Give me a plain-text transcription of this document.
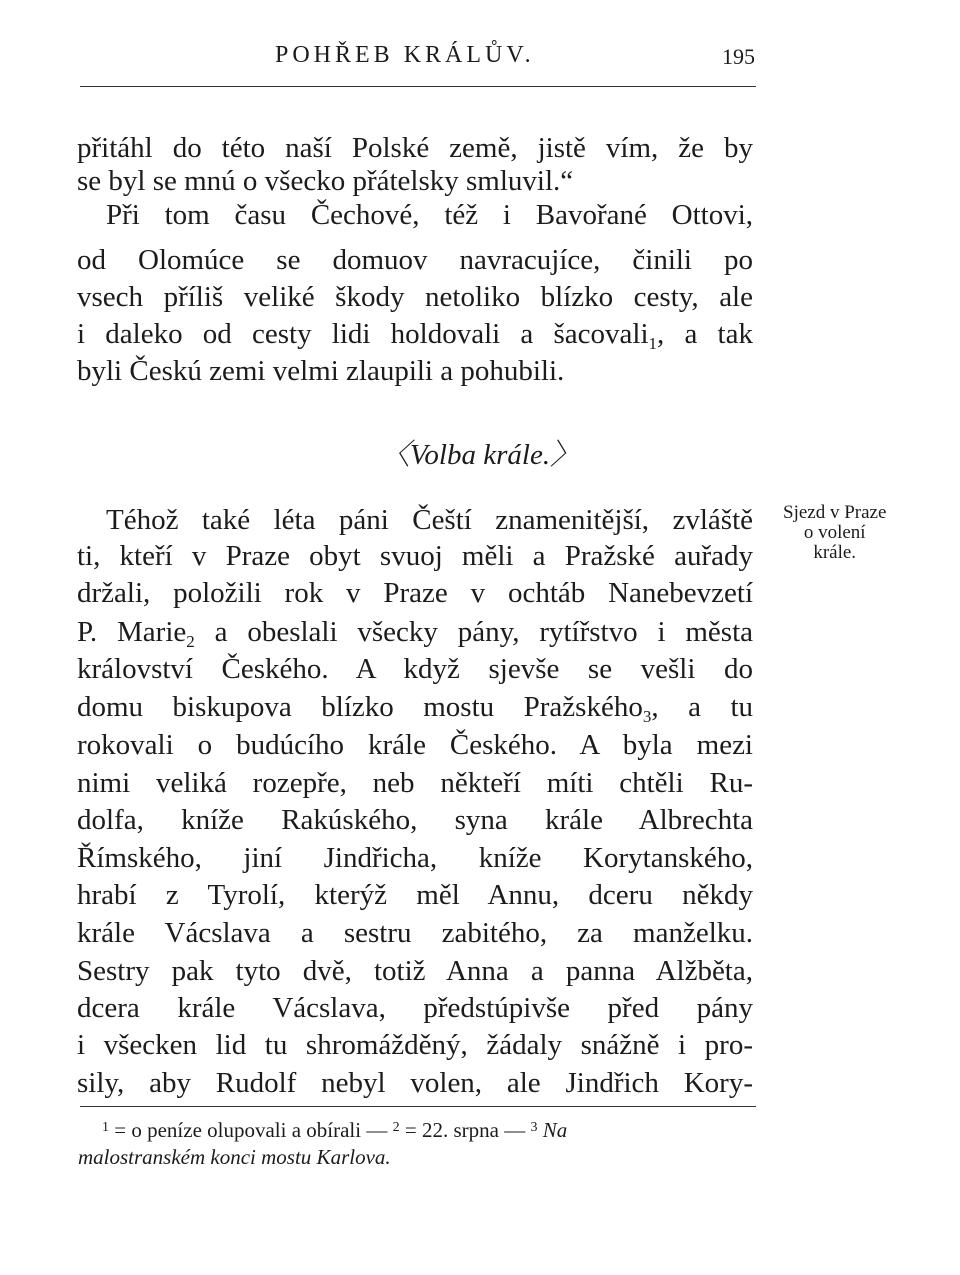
POHŘEB KRÁLŮV.	195
přitáhl do této naší Polské země, jistě vím, že by
se byl se mnú o všecko přátelsky smluvil.“
Při tom času Čechové, též i Bavořané Ottovi,
od Olomúce se domuov navracujíce, činili po
vsech příliš veliké škody netoliko blízko cesty, ale
i daleko od cesty lidi holdovali a šacovali$_1$, a tak
byli Českú zemi velmi zlaupili a pohubili.
〈Volba krále.〉
Sjezd v Praze
o volení
krále.
Téhož také léta páni Čeští znamenitější, zvláště
ti, kteří v Praze obyt svuoj měli a Pražské auřady
držali, položili rok v Praze v ochtáb Nanebevzetí
P. Marie$_2$ a obeslali všecky pány, rytířstvo i města
království Českého. A když sjevše se vešli do
domu biskupova blízko mostu Pražského$_3$, a tu
rokovali o budúcího krále Českého. A byla mezi
nimi veliká rozepře, neb někteří míti chtěli Ru-
dolfa, kníže Rakúského, syna krále Albrechta
Římského, jiní Jindřicha, kníže Korytanského,
hrabí z Tyrolí, kterýž měl Annu, dceru někdy
krále Vácslava a sestru zabitého, za manželku.
Sestry pak tyto dvě, totiž Anna a panna Alžběta,
dcera krále Vácslava, předstúpivše před pány
i všecken lid tu shromážděný, žádaly snážně i pro-
sily, aby Rudolf nebyl volen, ale Jindřich Kory-
$^1$ = o peníze olupovali a obírali — $^2$ = 22. srpna — $^3$ Na
malostranském konci mostu Karlova.
